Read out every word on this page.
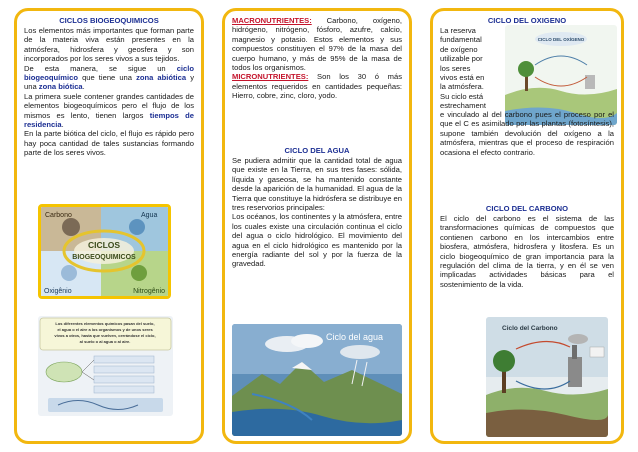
CICLOS BIOGEOQUIMICOS
Los elementos más importantes que forman parte de la materia viva están presentes en la atmósfera, hidrosfera y geosfera y son incorporados por los seres vivos a sus tejidos.
De esta manera, se sigue un ciclo biogeoquímico que tiene una zona abiótica y una zona biótica.
La primera suele contener grandes cantidades de elementos biogeoquímicos pero el flujo de los mismos es lento, tienen largos tiempos de residencia.
En la parte biótica del ciclo, el flujo es rápido pero hay poca cantidad de tales sustancias formando parte de los seres vivos.
Carbono	Agua
CICLOS
BIOGEOQUIMICOS
Oxigênio	Nitrogênio
Los diferentes elementos químicos pasan del suelo,
el agua o el aire a los organismos y de unos seres
vivos a otros, hasta que vuelven, cerrándose el ciclo,
al suelo o al agua o al aire.
MACRONUTRIENTES: Carbono, oxígeno, hidrógeno, nitrógeno, fósforo, azufre, calcio, magnesio y potasio. Estos elementos y sus compuestos constituyen el 97% de la masa del cuerpo humano, y más de 95% de la masa de todos los organismos.
MICRONUTRIENTES: Son los 30 ó más elementos requeridos en cantidades pequeñas: Hierro, cobre, zinc, cloro, yodo.
CICLO DEL AGUA
Se pudiera admitir que la cantidad total de agua que existe en la Tierra, en sus tres fases: sólida, líquida y gaseosa, se ha mantenido constante desde la aparición de la humanidad. El agua de la Tierra que constituye la hidrósfera se distribuye en tres reservorios principales:
Los océanos, los continentes y la atmósfera, entre los cuales existe una circulación continua el ciclo del agua o ciclo hidrológico. El movimiento del agua en el ciclo hidrológico es mantenido por la energía radiante del sol y por la fuerza de la gravedad.
Ciclo del agua
CICLO DEL OXIGENO
La reserva
fundamental
de oxígeno
utilizable por
los seres
vivos está en
la atmósfera.
Su ciclo está
estrechament
CICLO DEL OXÍGENO
e vinculado al del carbono pues el proceso por el que el C es asimilado por las plantas (fotosíntesis), supone también devolución del oxígeno a la atmósfera, mientras que el proceso de respiración ocasiona el efecto contrario.
CICLO DEL CARBONO
El ciclo del carbono es el sistema de las transformaciones químicas de compuestos que contienen carbono en los intercambios entre biosfera, atmósfera, hidrosfera y litosfera. Es un ciclo biogeoquímico de gran importancia para la regulación del clima de la tierra, y en él se ven implicadas actividades básicas para el sostenimiento de la vida.
Ciclo del Carbono
